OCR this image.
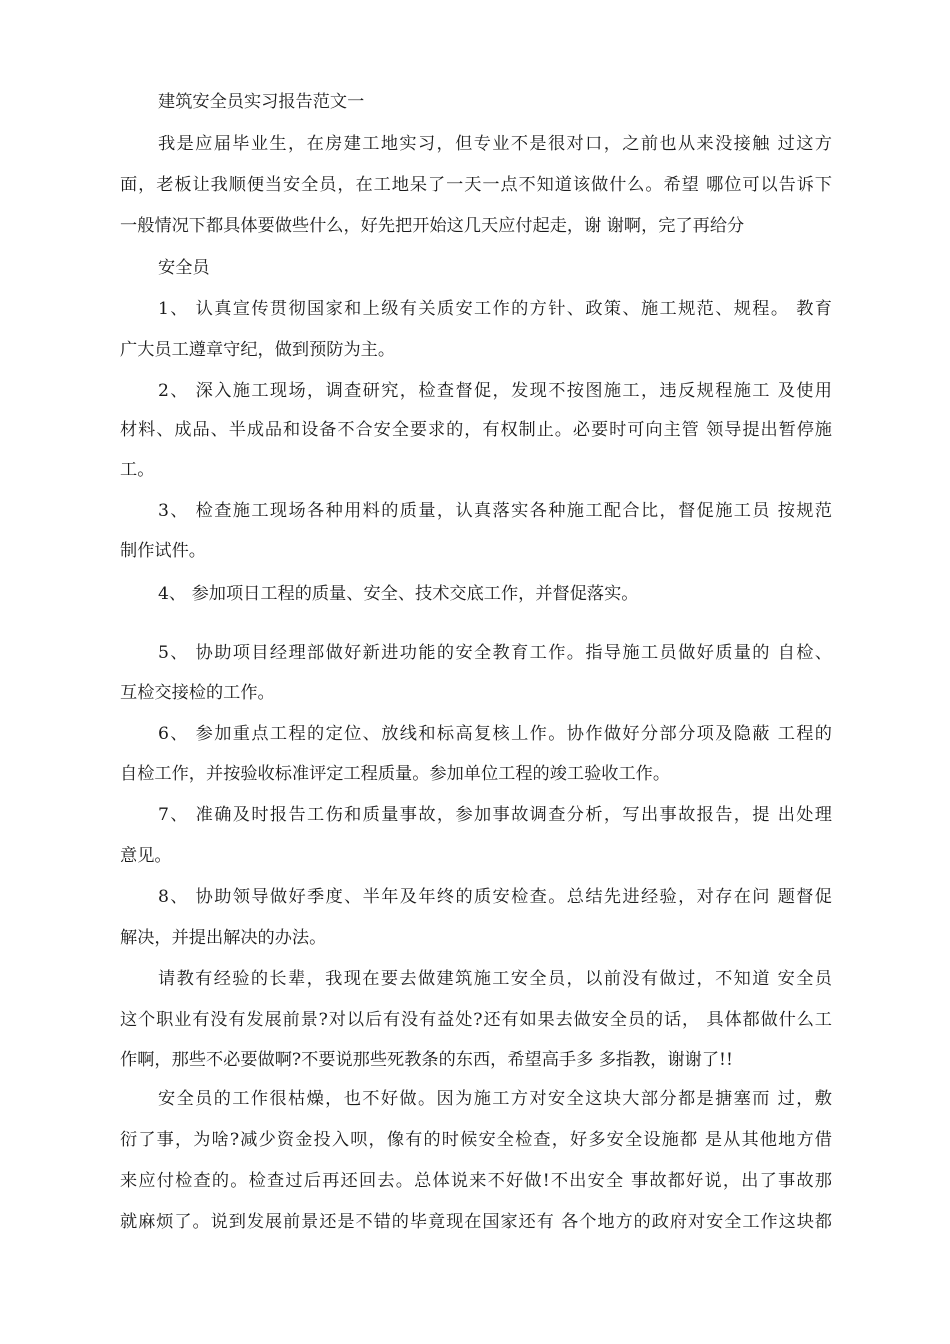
建筑安全员实习报告范文一
我是应届毕业生，在房建工地实习，但专业不是很对口，之前也从来没接触 过这方
面，老板让我顺便当安全员，在工地呆了一天一点不知道该做什么。希望 哪位可以告诉下
一般情况下都具体要做些什么，好先把开始这几天应付起走，谢 谢啊，完了再给分
安全员
1、 认真宣传贯彻国家和上级有关质安工作的方针、政策、施工规范、规程。 教育
广大员工遵章守纪，做到预防为主。
2、 深入施工现场，调查研究，检查督促，发现不按图施工，违反规程施工 及使用
材料、成品、半成品和设备不合安全要求的，有权制止。必要时可向主管 领导提出暂停施
工。
3、 检查施工现场各种用料的质量，认真落实各种施工配合比，督促施工员 按规范
制作试件。
4、 参加项日工程的质量、安全、技术交底工作，并督促落实。
5、 协助项目经理部做好新进功能的安全教育工作。指导施工员做好质量的 自检、
互检交接检的工作。
6、 参加重点工程的定位、放线和标高复核丄作。协作做好分部分项及隐蔽 工程的
自检工作，并按验收标准评定工程质量。参加单位工程的竣工验收工作。
7、 准确及时报告工伤和质量事故，参加事故调查分析，写出事故报告，提 出处理
意见。
8、 协助领导做好季度、半年及年终的质安检查。总结先进经验，对存在问 题督促
解决，并提出解决的办法。
请教有经验的长辈，我现在要去做建筑施工安全员，以前没有做过，不知道 安全员
这个职业有没有发展前景?对以后有没有益处?还有如果去做安全员的话， 具体都做什么工
作啊，那些不必要做啊?不要说那些死教条的东西，希望高手多 多指教，谢谢了!!
安全员的工作很枯燥，也不好做。因为施工方对安全这块大部分都是搪塞而 过，敷
衍了事，为啥?减少资金投入呗，像有的时候安全检查，好多安全设施都 是从其他地方借
来应付检查的。检查过后再还回去。总体说来不好做!不出安全 事故都好说，出了事故那
就麻烦了。说到发展前景还是不错的毕竟现在国家还有 各个地方的政府对安全工作这块都
